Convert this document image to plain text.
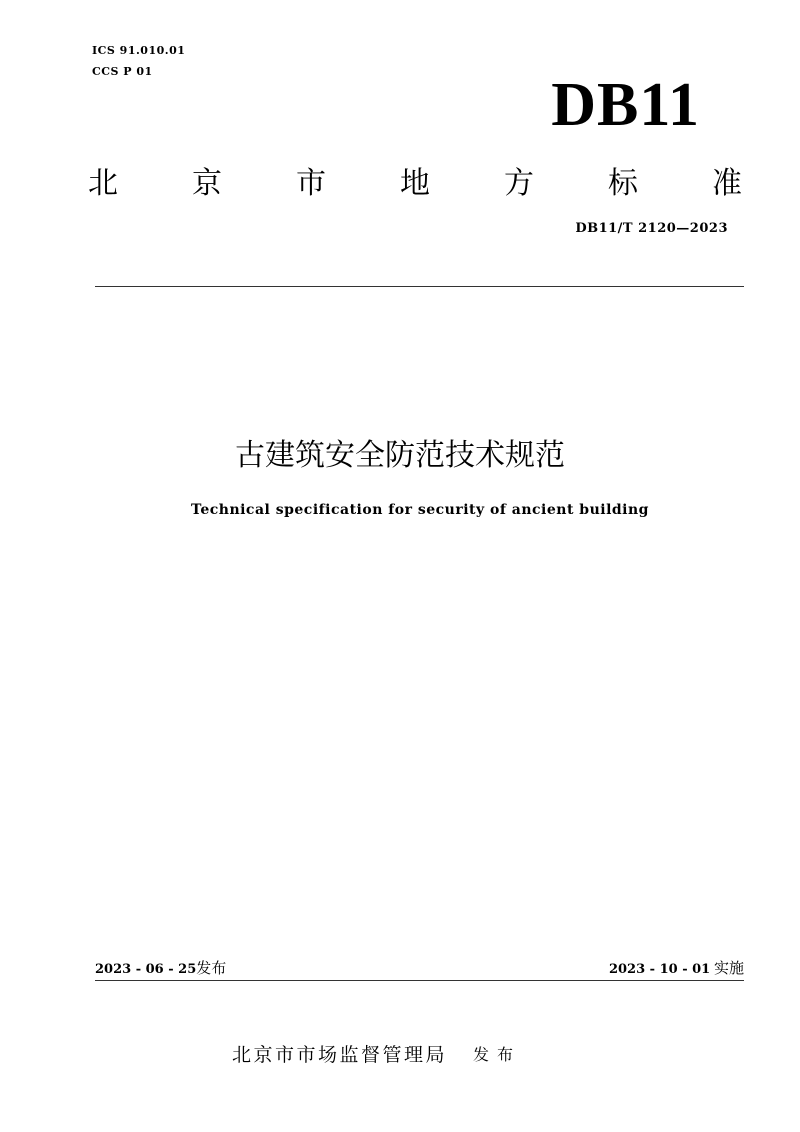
ICS 91.010.01
CCS P 01	DB11
北 京 市 地 方 标 准
DB11/T 2120—2023
古建筑安全防范技术规范
Technical specification for security of ancient building
2023 - 06 - 25发布	2023 - 10 - 01 实施
北京市市场监督管理局 发布
